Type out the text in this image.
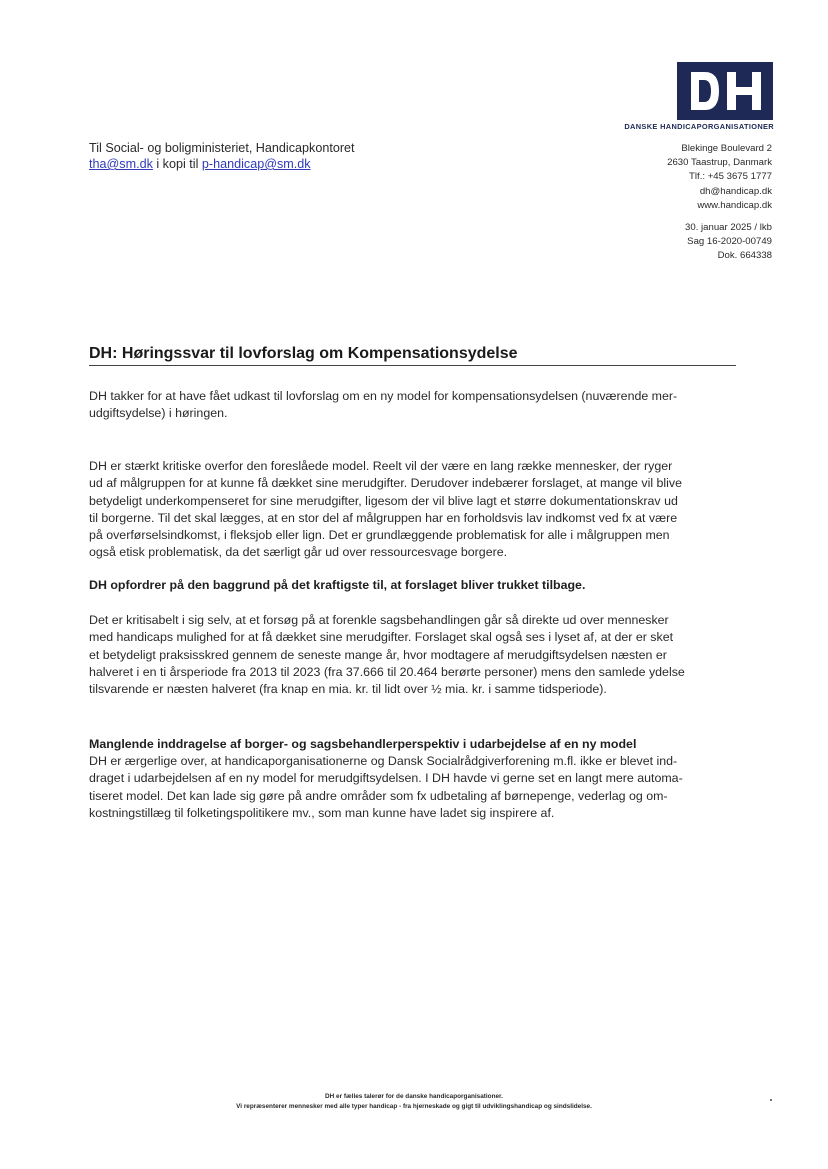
DANSKE HANDICAPORGANISATIONER
Til Social- og boligministeriet, Handicapkontoret
tha@sm.dk i kopi til p-handicap@sm.dk
Blekinge Boulevard 2
2630 Taastrup, Danmark
Tlf.: +45 3675 1777
dh@handicap.dk
www.handicap.dk
30. januar 2025 / lkb
Sag 16-2020-00749
Dok. 664338
DH: Høringssvar til lovforslag om Kompensationsydelse
DH takker for at have fået udkast til lovforslag om en ny model for kompensationsydelsen (nuværende mer-
udgiftsydelse) i høringen.
DH er stærkt kritiske overfor den foreslåede model. Reelt vil der være en lang række mennesker, der ryger
ud af målgruppen for at kunne få dækket sine merudgifter. Derudover indebærer forslaget, at mange vil blive
betydeligt underkompenseret for sine merudgifter, ligesom der vil blive lagt et større dokumentationskrav ud
til borgerne. Til det skal lægges, at en stor del af målgruppen har en forholdsvis lav indkomst ved fx at være
på overførselsindkomst, i fleksjob eller lign. Det er grundlæggende problematisk for alle i målgruppen men
også etisk problematisk, da det særligt går ud over ressourcesvage borgere.
DH opfordrer på den baggrund på det kraftigste til, at forslaget bliver trukket tilbage.
Det er kritisabelt i sig selv, at et forsøg på at forenkle sagsbehandlingen går så direkte ud over mennesker
med handicaps mulighed for at få dækket sine merudgifter. Forslaget skal også ses i lyset af, at der er sket
et betydeligt praksisskred gennem de seneste mange år, hvor modtagere af merudgiftsydelsen næsten er
halveret i en ti årsperiode fra 2013 til 2023 (fra 37.666 til 20.464 berørte personer) mens den samlede ydelse
tilsvarende er næsten halveret (fra knap en mia. kr. til lidt over ½ mia. kr. i samme tidsperiode).
Manglende inddragelse af borger- og sagsbehandlerperspektiv i udarbejdelse af en ny model
DH er ærgerlige over, at handicaporganisationerne og Dansk Socialrådgiverforening m.fl. ikke er blevet ind-
draget i udarbejdelsen af en ny model for merudgiftsydelsen. I DH havde vi gerne set en langt mere automa-
tiseret model. Det kan lade sig gøre på andre områder som fx udbetaling af børnepenge, vederlag og om-
kostningstillæg til folketingspolitikere mv., som man kunne have ladet sig inspirere af.
DH er fælles talerør for de danske handicaporganisationer.
Vi repræsenterer mennesker med alle typer handicap - fra hjerneskade og gigt til udviklingshandicap og sindslidelse.
